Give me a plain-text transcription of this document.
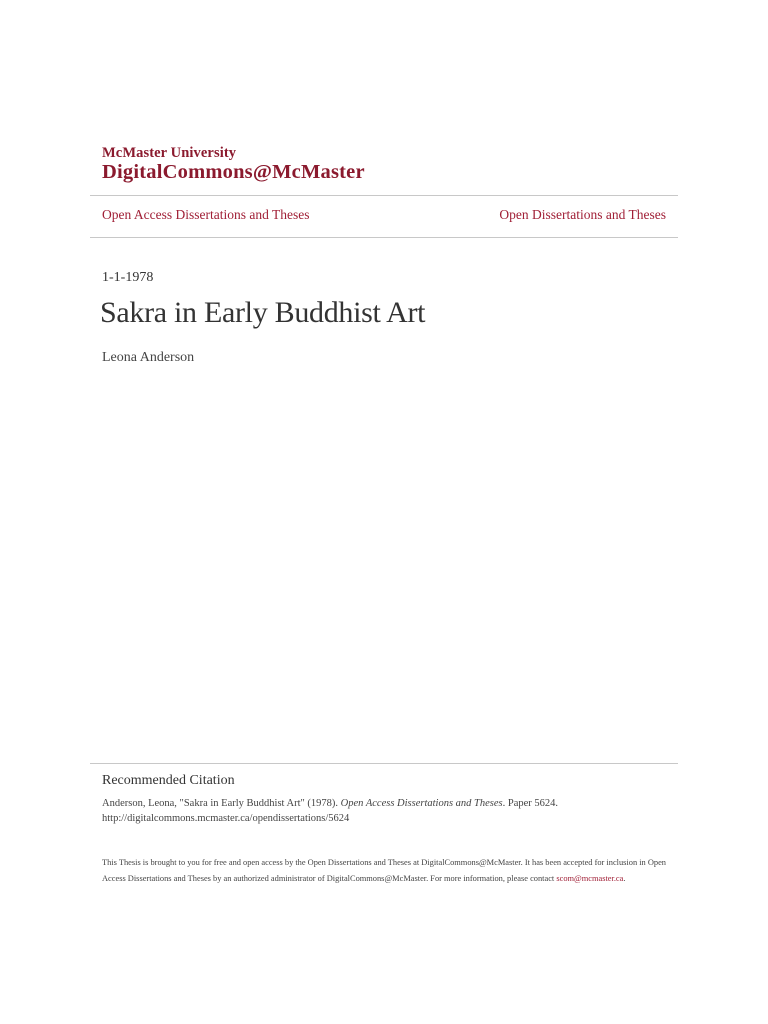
McMaster University
DigitalCommons@McMaster
Open Access Dissertations and Theses	Open Dissertations and Theses
1-1-1978
Sakra in Early Buddhist Art
Leona Anderson
Recommended Citation
Anderson, Leona, "Sakra in Early Buddhist Art" (1978). Open Access Dissertations and Theses. Paper 5624.
http://digitalcommons.mcmaster.ca/opendissertations/5624
This Thesis is brought to you for free and open access by the Open Dissertations and Theses at DigitalCommons@McMaster. It has been accepted for inclusion in Open Access Dissertations and Theses by an authorized administrator of DigitalCommons@McMaster. For more information, please contact scom@mcmaster.ca.
